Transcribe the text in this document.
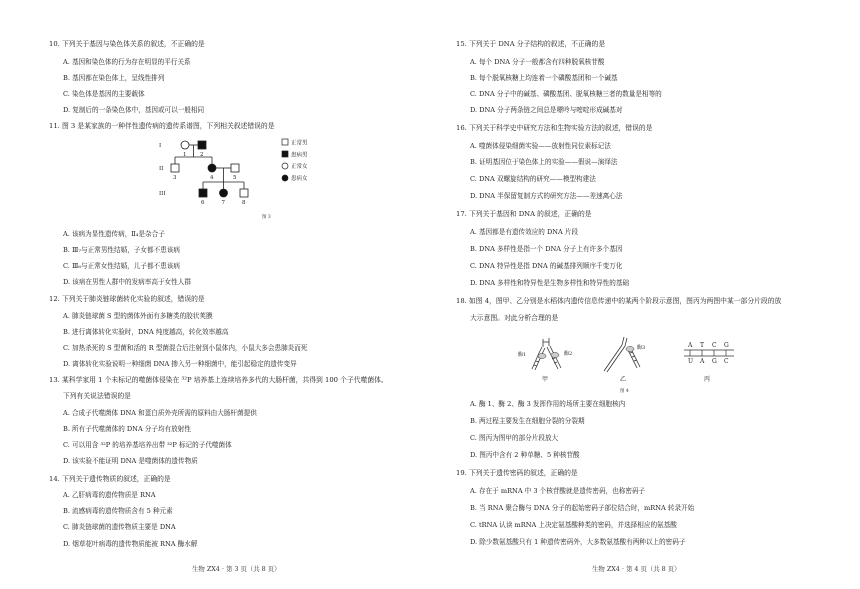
10. 下列关于基因与染色体关系的叙述，不正确的是
A. 基因和染色体的行为存在明显的平行关系
B. 基因都在染色体上，呈线性排列
C. 染色体是基因的主要载体
D. 复制后的一条染色体中，基因或可以一般相同
11. 图 3 是某家族的一种伴性遗传病的遗传系谱图，下列相关叙述错误的是
I
II
III
1 2
3	4	5
6	7	8
正常男
患病男
正常女
患病女
图 3
A. 该病为显性遗传病，Ⅱ₄是杂合子
B. Ⅲ₇与正常男性结婚，子女都不患该病
C. Ⅲ₆与正常女性结婚，儿子都不患该病
D. 该病在男性人群中的发病率高于女性人群
12. 下列关于肺炎链球菌转化实验的叙述，错误的是
A. 肺炎链球菌 S 型的菌体外面有多糖类的胶状荚膜
B. 进行离体转化实验时，DNA 纯度越高，转化效率越高
C. 加热杀死的 S 型菌和活的 R 型菌混合后注射到小鼠体内，小鼠大多会患肺炎而死
D. 离体转化实验说明一种细菌 DNA 掺入另一种细菌中，能引起稳定的遗传变异
13. 某科学家用 1 个未标记的噬菌体侵染在 ³²P 培养基上连续培养多代的大肠杆菌，共得到 100 个子代噬菌体。
下列有关说法错误的是
A. 合成子代噬菌体 DNA 和蛋白质外壳所需的原料由大肠杆菌提供
B. 所有子代噬菌体的 DNA 分子均有放射性
C. 可以用含 ³²P 的培养基培养出带 ³²P 标记的子代噬菌体
D. 该实验不能证明 DNA 是噬菌体的遗传物质
14. 下列关于遗传物质的叙述，正确的是
A. 乙肝病毒的遗传物质是 RNA
B. 流感病毒的遗传物质含有 5 种元素
C. 肺炎链球菌的遗传物质主要是 DNA
D. 烟草花叶病毒的遗传物质能被 RNA 酶水解
生物 ZX4 · 第 3 页（共 8 页）
15. 下列关于 DNA 分子结构的叙述，不正确的是
A. 每个 DNA 分子一般都含有四种脱氧核苷酸
B. 每个脱氧核糖上均连着一个磷酸基团和一个碱基
C. DNA 分子中的碱基、磷酸基团、脱氧核糖三者的数量是相等的
D. DNA 分子两条链之间总是嘌呤与嘧啶形成碱基对
16. 下列关于科学史中研究方法和生物实验方法的叙述，错误的是
A. 噬菌体侵染细菌实验——放射性同位素标记法
B. 证明基因位于染色体上的实验——假说—演绎法
C. DNA 双螺旋结构的研究——模型构建法
D. DNA 半保留复制方式的研究方法——差速离心法
17. 下列关于基因和 DNA 的叙述，正确的是
A. 基因都是有遗传效应的 DNA 片段
B. DNA 多样性是指一个 DNA 分子上有许多个基因
C. DNA 特异性是指 DNA 的碱基排列顺序千变万化
D. DNA 多样性和特异性是生物多样性和特异性的基础
18. 如图 4，图甲、乙分别是水稻体内遗传信息传递中的某两个阶段示意图，图丙为两图中某一部分片段的放
大示意图。对此分析合理的是
酶1	酶2
甲
酶3
乙
A T C G
U A G C
丙
图 4
A. 酶 1、酶 2、酶 3 发挥作用的场所主要在细胞核内
B. 两过程主要发生在细胞分裂的分裂期
C. 图丙为图甲的部分片段放大
D. 图丙中含有 2 种单糖、5 种核苷酸
19. 下列关于遗传密码的叙述，正确的是
A. 存在于 mRNA 中 3 个核苷酸就是遗传密码，也称密码子
B. 当 RNA 聚合酶与 DNA 分子的起始密码子部位结合时，mRNA 转录开始
C. tRNA 认读 mRNA 上决定氨基酸种类的密码，并选择相应的氨基酸
D. 除少数氨基酸只有 1 种遗传密码外，大多数氨基酸有两种以上的密码子
生物 ZX4 · 第 4 页（共 8 页）
